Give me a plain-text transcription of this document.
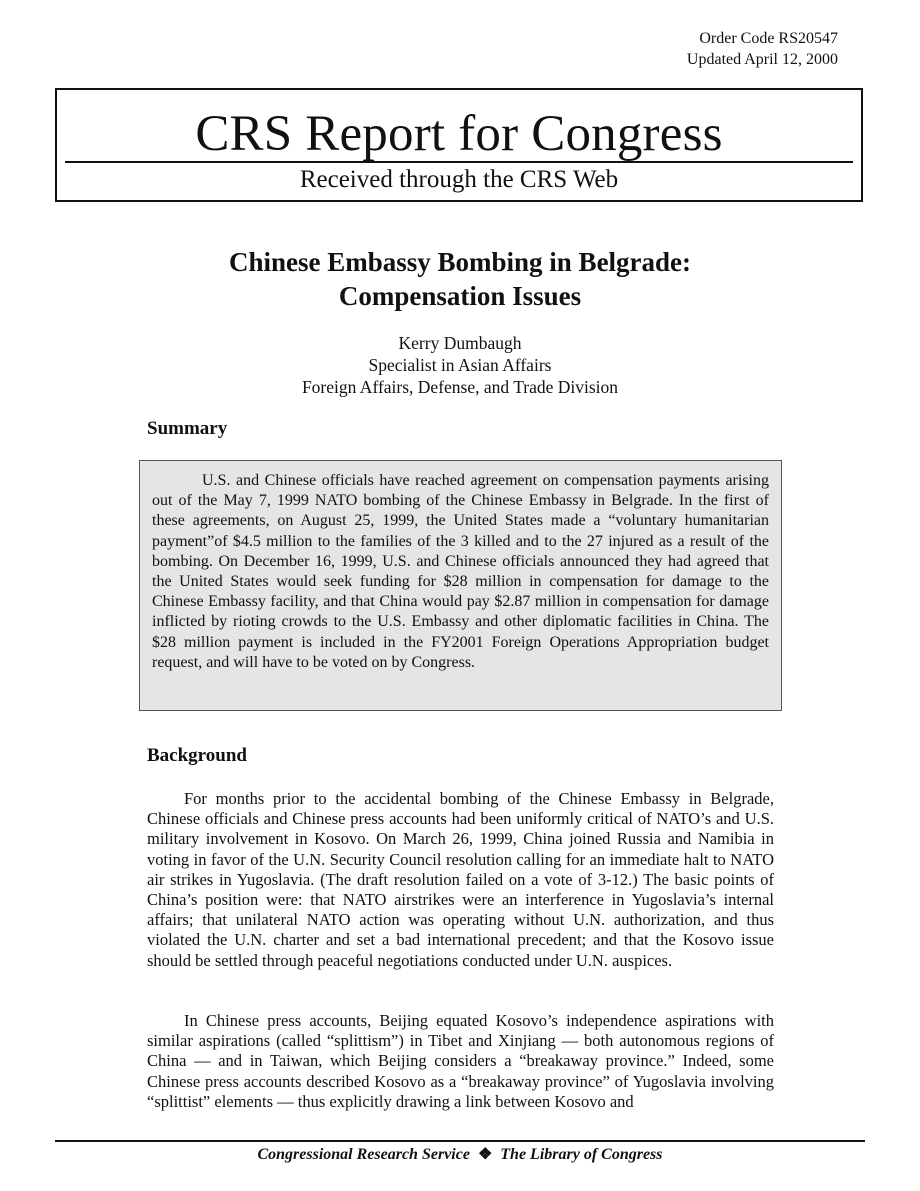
Order Code RS20547
Updated April 12, 2000
CRS Report for Congress
Received through the CRS Web
Chinese Embassy Bombing in Belgrade:
Compensation Issues
Kerry Dumbaugh
Specialist in Asian Affairs
Foreign Affairs, Defense, and Trade Division
Summary

U.S. and Chinese officials have reached agreement on compensation payments arising out of the May 7, 1999 NATO bombing of the Chinese Embassy in Belgrade. In the first of these agreements, on August 25, 1999, the United States made a “voluntary humanitarian payment”of $4.5 million to the families of the 3 killed and to the 27 injured as a result of the bombing. On December 16, 1999, U.S. and Chinese officials announced they had agreed that the United States would seek funding for $28 million in compensation for damage to the Chinese Embassy facility, and that China would pay $2.87 million in compensation for damage inflicted by rioting crowds to the U.S. Embassy and other diplomatic facilities in China. The $28 million payment is included in the FY2001 Foreign Operations Appropriation budget request, and will have to be voted on by Congress.

Background

For months prior to the accidental bombing of the Chinese Embassy in Belgrade, Chinese officials and Chinese press accounts had been uniformly critical of NATO’s and U.S. military involvement in Kosovo. On March 26, 1999, China joined Russia and Namibia in voting in favor of the U.N. Security Council resolution calling for an immediate halt to NATO air strikes in Yugoslavia. (The draft resolution failed on a vote of 3-12.) The basic points of China’s position were: that NATO airstrikes were an interference in Yugoslavia’s internal affairs; that unilateral NATO action was operating without U.N. authorization, and thus violated the U.N. charter and set a bad international precedent; and that the Kosovo issue should be settled through peaceful negotiations conducted under U.N. auspices.

In Chinese press accounts, Beijing equated Kosovo’s independence aspirations with similar aspirations (called “splittism”) in Tibet and Xinjiang — both autonomous regions of China — and in Taiwan, which Beijing considers a “breakaway province.” Indeed, some Chinese press accounts described Kosovo as a “breakaway province” of Yugoslavia involving “splittist” elements — thus explicitly drawing a link between Kosovo and

Congressional Research Service ❖ The Library of Congress
